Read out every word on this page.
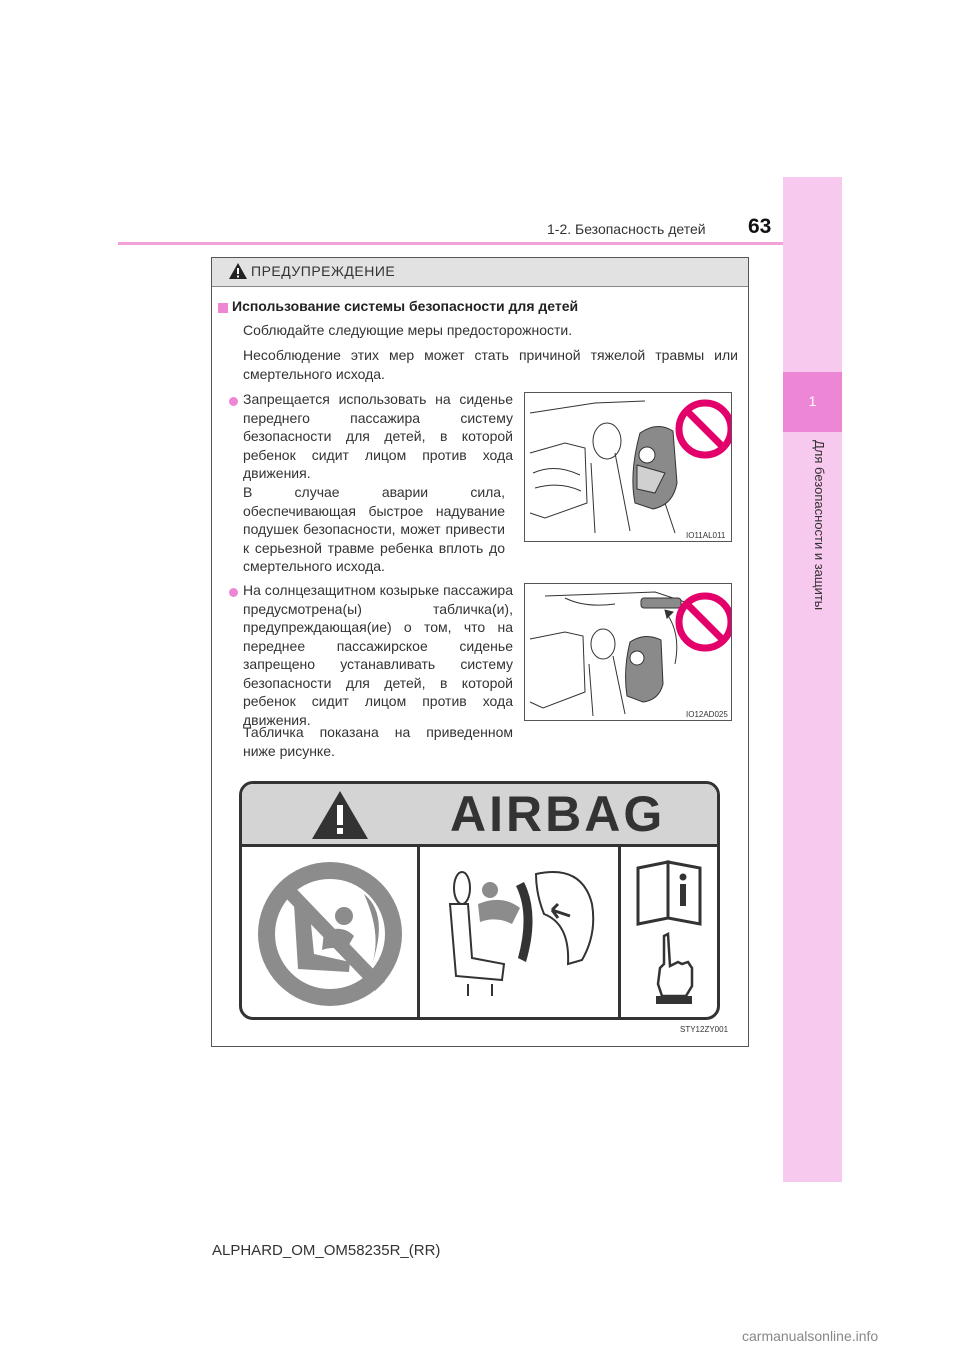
1-2. Безопасность детей 63
1
Для безопасности и защиты
ПРЕДУПРЕЖДЕНИЕ
Использование системы безопасности для детей
Соблюдайте следующие меры предосторожности.
Несоблюдение этих мер может стать причиной тяжелой травмы или смертельного исхода.
Запрещается использовать на сиденье переднего пассажира систему безопасности для детей, в которой ребенок сидит лицом против хода движения.
В случае аварии сила, обеспечивающая быстрое надувание подушек безопасности, может привести к серьезной травме ребенка вплоть до смертельного исхода.
IO11AL011
На солнцезащитном козырьке пассажира предусмотрена(ы) табличка(и), предупреждающая(ие) о том, что на переднее пассажирское сиденье запрещено устанавливать систему безопасности для детей, в которой ребенок сидит лицом против хода движения.
Табличка показана на приведенном ниже рисунке.
IO12AD025
AIRBAG
STY12ZY001
ALPHARD_OM_OM58235R_(RR)
carmanualsonline.info
